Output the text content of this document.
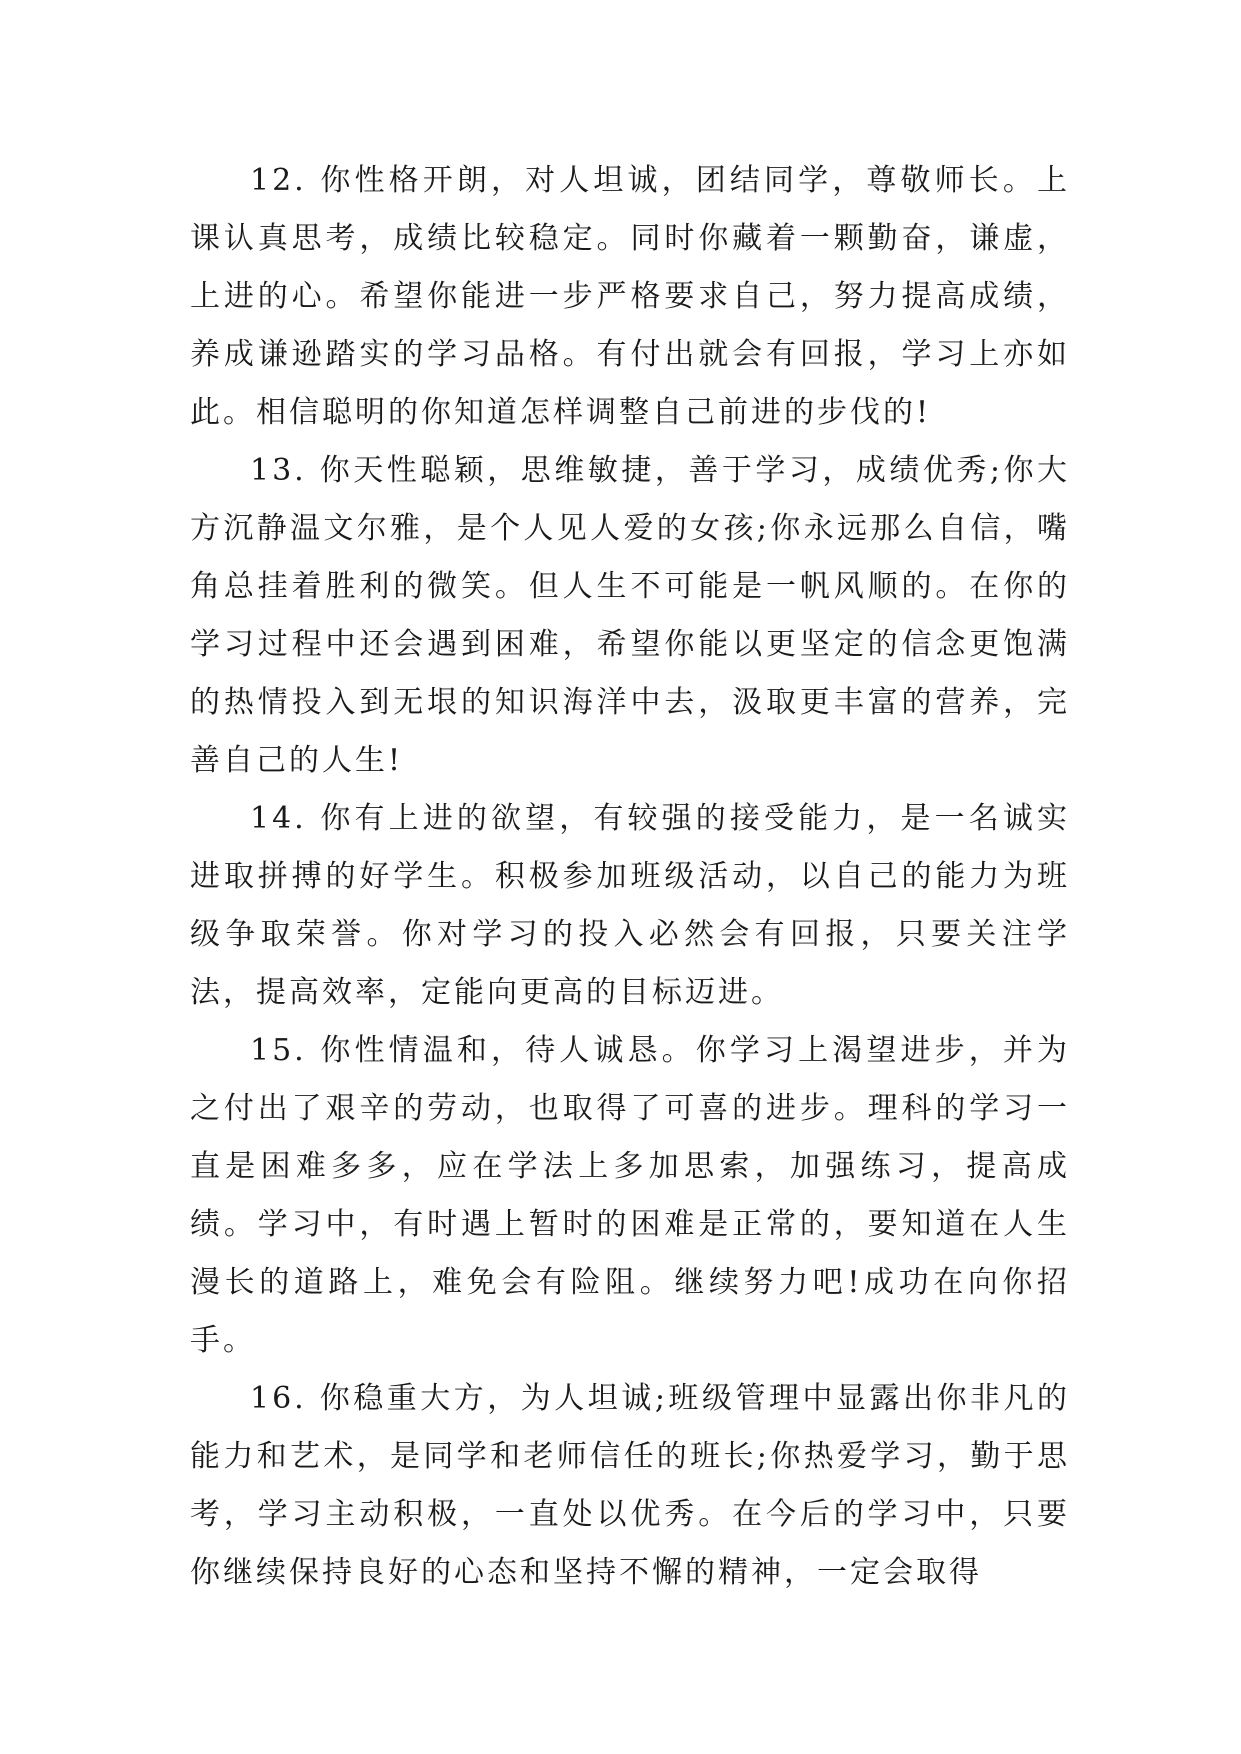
12. 你性格开朗，对人坦诚，团结同学，尊敬师长。上课认真思考，成绩比较稳定。同时你藏着一颗勤奋，谦虚，上进的心。希望你能进一步严格要求自己，努力提高成绩，养成谦逊踏实的学习品格。有付出就会有回报，学习上亦如此。相信聪明的你知道怎样调整自己前进的步伐的!

13. 你天性聪颖，思维敏捷，善于学习，成绩优秀;你大方沉静温文尔雅，是个人见人爱的女孩;你永远那么自信，嘴角总挂着胜利的微笑。但人生不可能是一帆风顺的。在你的学习过程中还会遇到困难，希望你能以更坚定的信念更饱满的热情投入到无垠的知识海洋中去，汲取更丰富的营养，完善自己的人生!

14. 你有上进的欲望，有较强的接受能力，是一名诚实进取拼搏的好学生。积极参加班级活动，以自己的能力为班级争取荣誉。你对学习的投入必然会有回报，只要关注学法，提高效率，定能向更高的目标迈进。

15. 你性情温和，待人诚恳。你学习上渴望进步，并为之付出了艰辛的劳动，也取得了可喜的进步。理科的学习一直是困难多多，应在学法上多加思索，加强练习，提高成绩。学习中，有时遇上暂时的困难是正常的，要知道在人生漫长的道路上，难免会有险阻。继续努力吧!成功在向你招手。

16. 你稳重大方，为人坦诚;班级管理中显露出你非凡的能力和艺术，是同学和老师信任的班长;你热爱学习，勤于思考，学习主动积极，一直处以优秀。在今后的学习中，只要你继续保持良好的心态和坚持不懈的精神，一定会取得
